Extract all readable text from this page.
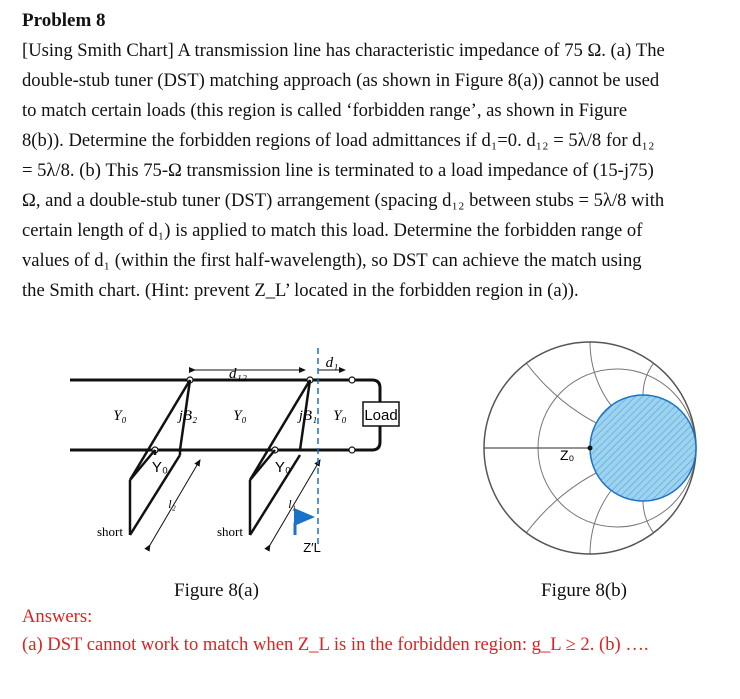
Problem 8
[Using Smith Chart] A transmission line has characteristic impedance of 75 Ω. (a) The
double-stub tuner (DST) matching approach (as shown in Figure 8(a)) cannot be used
to match certain loads (this region is called ‘forbidden range’, as shown in Figure
8(b)). Determine the forbidden regions of load admittances if d₁=0. d₁₂ = 5λ/8 for d₁₂
= 5λ/8. (b) This 75-Ω transmission line is terminated to a load impedance of (15-j75)
Ω, and a double-stub tuner (DST) arrangement (spacing d₁₂ between stubs = 5λ/8 with
certain length of d₁) is applied to match this load. Determine the forbidden range of
values of d₁ (within the first half-wavelength), so DST can achieve the match using
the Smith chart. (Hint: prevent Z_L’ located in the forbidden region in (a)).
d₁₂
d₁
Y₀	jB₂ Y₀	jB₁ Y₀ Load
Y₀	Y₀
l₂	l₁
short	short
Z′L
Z₀
Figure 8(a)	Figure 8(b)
Answers:
(a) DST cannot work to match when Z_L is in the forbidden region: g_L ≥ 2. (b) ….
